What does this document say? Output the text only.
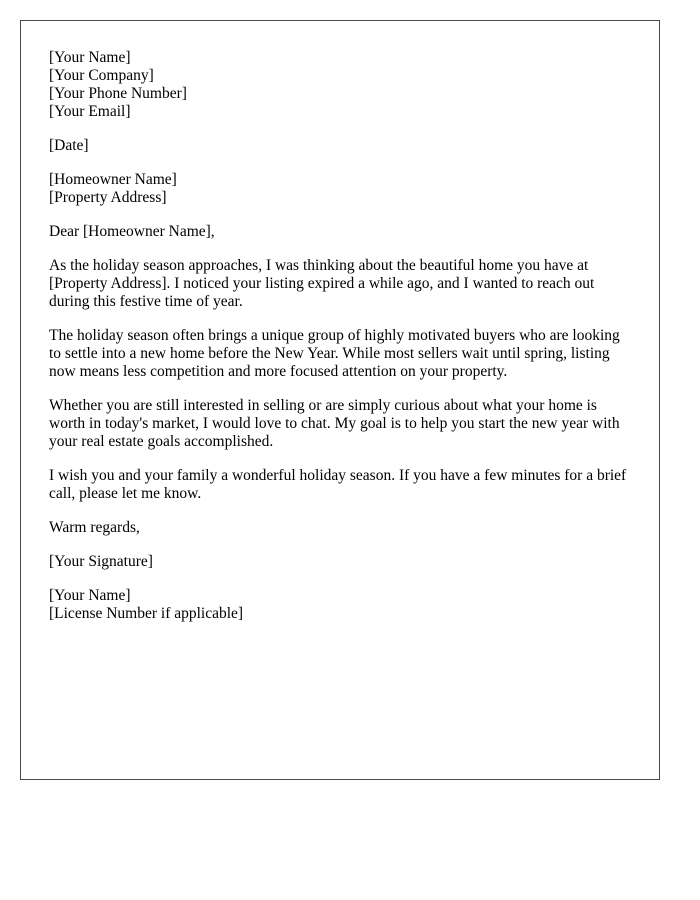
[Your Name]
[Your Company]
[Your Phone Number]
[Your Email]
[Date]
[Homeowner Name]
[Property Address]

Dear [Homeowner Name],

As the holiday season approaches, I was thinking about the beautiful home you have at [Property Address]. I noticed your listing expired a while ago, and I wanted to reach out during this festive time of year.

The holiday season often brings a unique group of highly motivated buyers who are looking to settle into a new home before the New Year. While most sellers wait until spring, listing now means less competition and more focused attention on your property.

Whether you are still interested in selling or are simply curious about what your home is worth in today's market, I would love to chat. My goal is to help you start the new year with your real estate goals accomplished.

I wish you and your family a wonderful holiday season. If you have a few minutes for a brief call, please let me know.

Warm regards,

[Your Signature]

[Your Name]
[License Number if applicable]
